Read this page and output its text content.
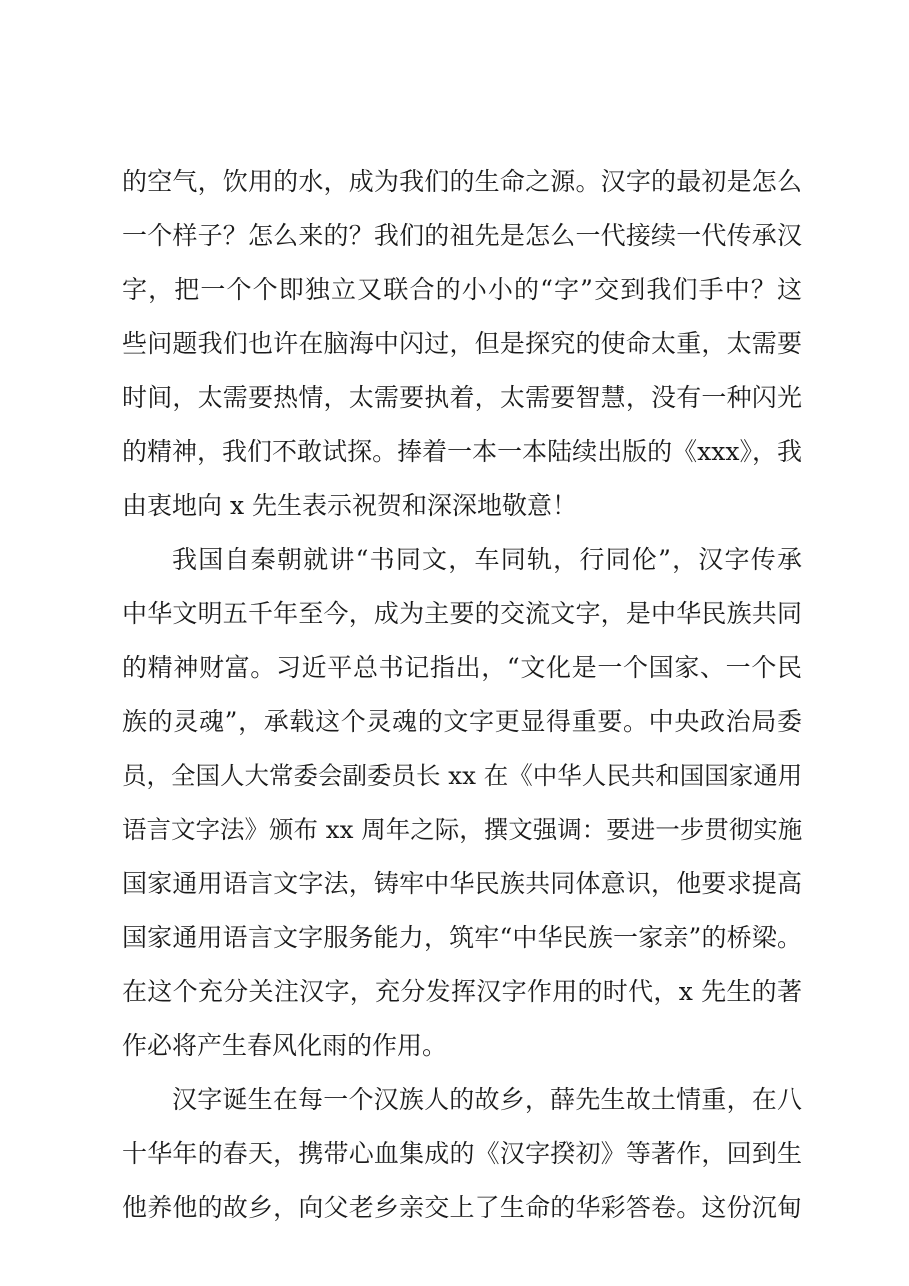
的空气，饮用的水，成为我们的生命之源。汉字的最初是怎么
一个样子？怎么来的？我们的祖先是怎么一代接续一代传承汉
字，把一个个即独立又联合的小小的“字”交到我们手中？这
些问题我们也许在脑海中闪过，但是探究的使命太重，太需要
时间，太需要热情，太需要执着，太需要智慧，没有一种闪光
的精神，我们不敢试探。捧着一本一本陆续出版的《xxx》，我
由衷地向 x 先生表示祝贺和深深地敬意！
我国自秦朝就讲“书同文，车同轨，行同伦”，汉字传承
中华文明五千年至今，成为主要的交流文字，是中华民族共同
的精神财富。习近平总书记指出，“文化是一个国家、一个民
族的灵魂”，承载这个灵魂的文字更显得重要。中央政治局委
员，全国人大常委会副委员长 xx 在《中华人民共和国国家通用
语言文字法》颁布 xx 周年之际，撰文强调：要进一步贯彻实施
国家通用语言文字法，铸牢中华民族共同体意识，他要求提高
国家通用语言文字服务能力，筑牢“中华民族一家亲”的桥梁。
在这个充分关注汉字，充分发挥汉字作用的时代，x 先生的著
作必将产生春风化雨的作用。
汉字诞生在每一个汉族人的故乡，薛先生故土情重，在八
十华年的春天，携带心血集成的《汉字揆初》等著作，回到生
他养他的故乡，向父老乡亲交上了生命的华彩答卷。这份沉甸
